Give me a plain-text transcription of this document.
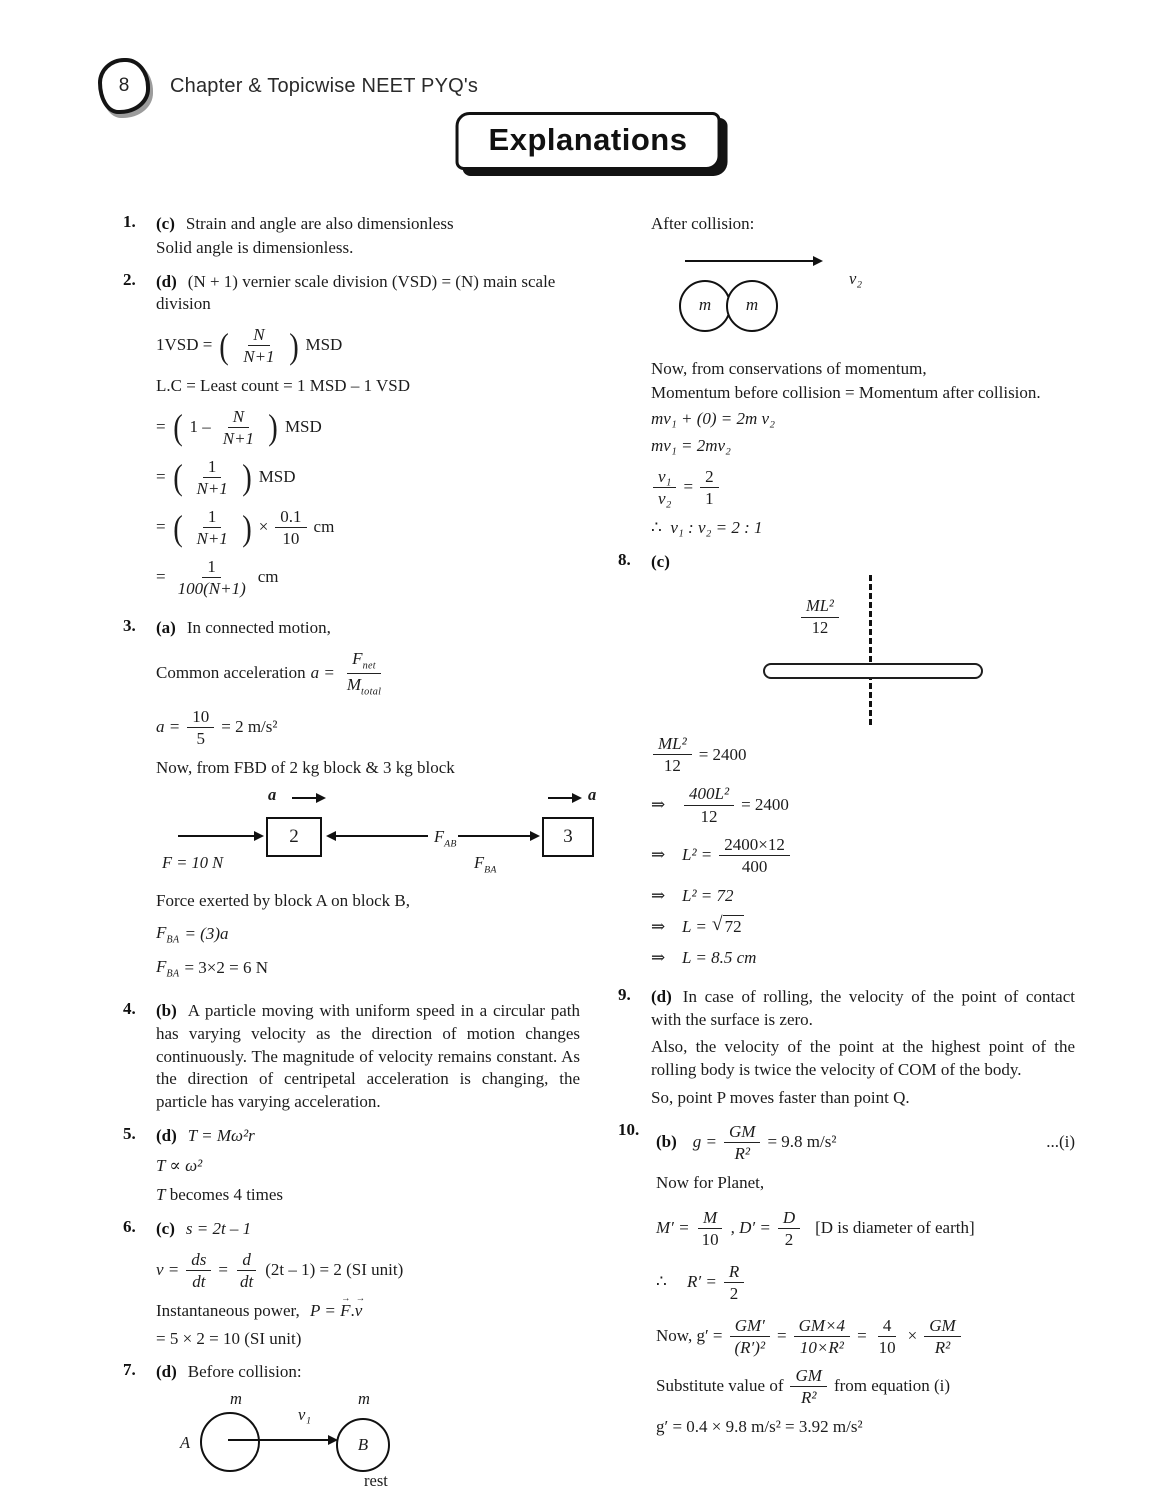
8 Chapter & Topicwise NEET PYQ's
Explanations
1.	(c) Strain and angle are also dimensionless
Solid angle is dimensionless.
2.	(d) (N + 1) vernier scale division (VSD) = (N) main scale division
1VSD = ( $\frac{N}{N+1}$ ) MSD
L.C = Least count = 1 MSD – 1 VSD
= ( $1 - \frac{N}{N+1}$ ) MSD
= ( $\frac{1}{N+1}$ ) MSD
= ( $\frac{1}{N+1}$ ) × $\frac{0.1}{10}$ cm
= $\frac{1}{100(N+1)}$ cm
3.	(a) In connected motion,
Common acceleration $a = \frac{F_{net}}{M_{total}}$
$a = \frac{10}{5} = 2$ m/s²
Now, from FBD of 2 kg block & 3 kg block
a
2	$F_{AB}$
F = 10 N
3
$F_{BA}$
a
Force exerted by block A on block B,
$F_{BA} = (3)a$
$F_{BA} = 3\times 2 = 6$ N
4.	(b) A particle moving with uniform speed in a circular path has varying velocity as the direction of motion changes continuously. The magnitude of velocity remains constant. As the direction of centripetal acceleration is changing, the particle has varying acceleration.
5.	(d) T = Mω²r
T ∝ ω²
T becomes 4 times
6.	(c) s = 2t – 1
$v = \frac{ds}{dt} = \frac{d}{dt} (2t - 1) = 2$ (SI unit)
Instantaneous power, P = F →.v →
= 5 × 2 = 10 (SI unit)
7.	(d) Before collision:
m
A
v₁
m
B
rest
After collision:
v₂
m m
Now, from conservations of momentum,
Momentum before collision = Momentum after collision.
mv₁ + (0) = 2m v₂
mv₁ = 2mv₂
$\frac{\text{v₁}}{\text{v₂}} = \frac{2}{1}$
∴ v₁ : v₂ = 2 : 1
8.	(c)
$\frac{\text{ML²}}{12}$
$\frac{\text{ML²}}{12} = 2400$
⇒	$\frac{\text{400L²}}{12} = 2400$
⇒ $L^2 = \frac{2400\times 12}{400}$
⇒ L² = 72
⇒ L = √ 72
⇒ L = 8.5 cm
9.	(d) In case of rolling, the velocity of the point of contact with the surface is zero.
Also, the velocity of the point at the highest point of the rolling body is twice the velocity of COM of the body.
So, point P moves faster than point Q.
10.
(b) $g = \frac{GM}{\text{R²}} = 9.8$ m/s²	...(i)
Now for Planet,
$M' = \frac{M}{10}$ , $D' = \frac{D}{2} [D$ is diameter of earth]
∴	$R' = \frac{R}{2}$
Now, $g' = \frac{GM'}{\text{(R′)²}} = \frac{GM\times 4}{\text{10×R²}} = \frac{4}{10} \times \frac{GM}{\text{R²}}$
Substitute value of $\frac{GM}{\text{R²}}$ from equation (i)
g′ = 0.4 × 9.8 m/s² = 3.92 m/s²
